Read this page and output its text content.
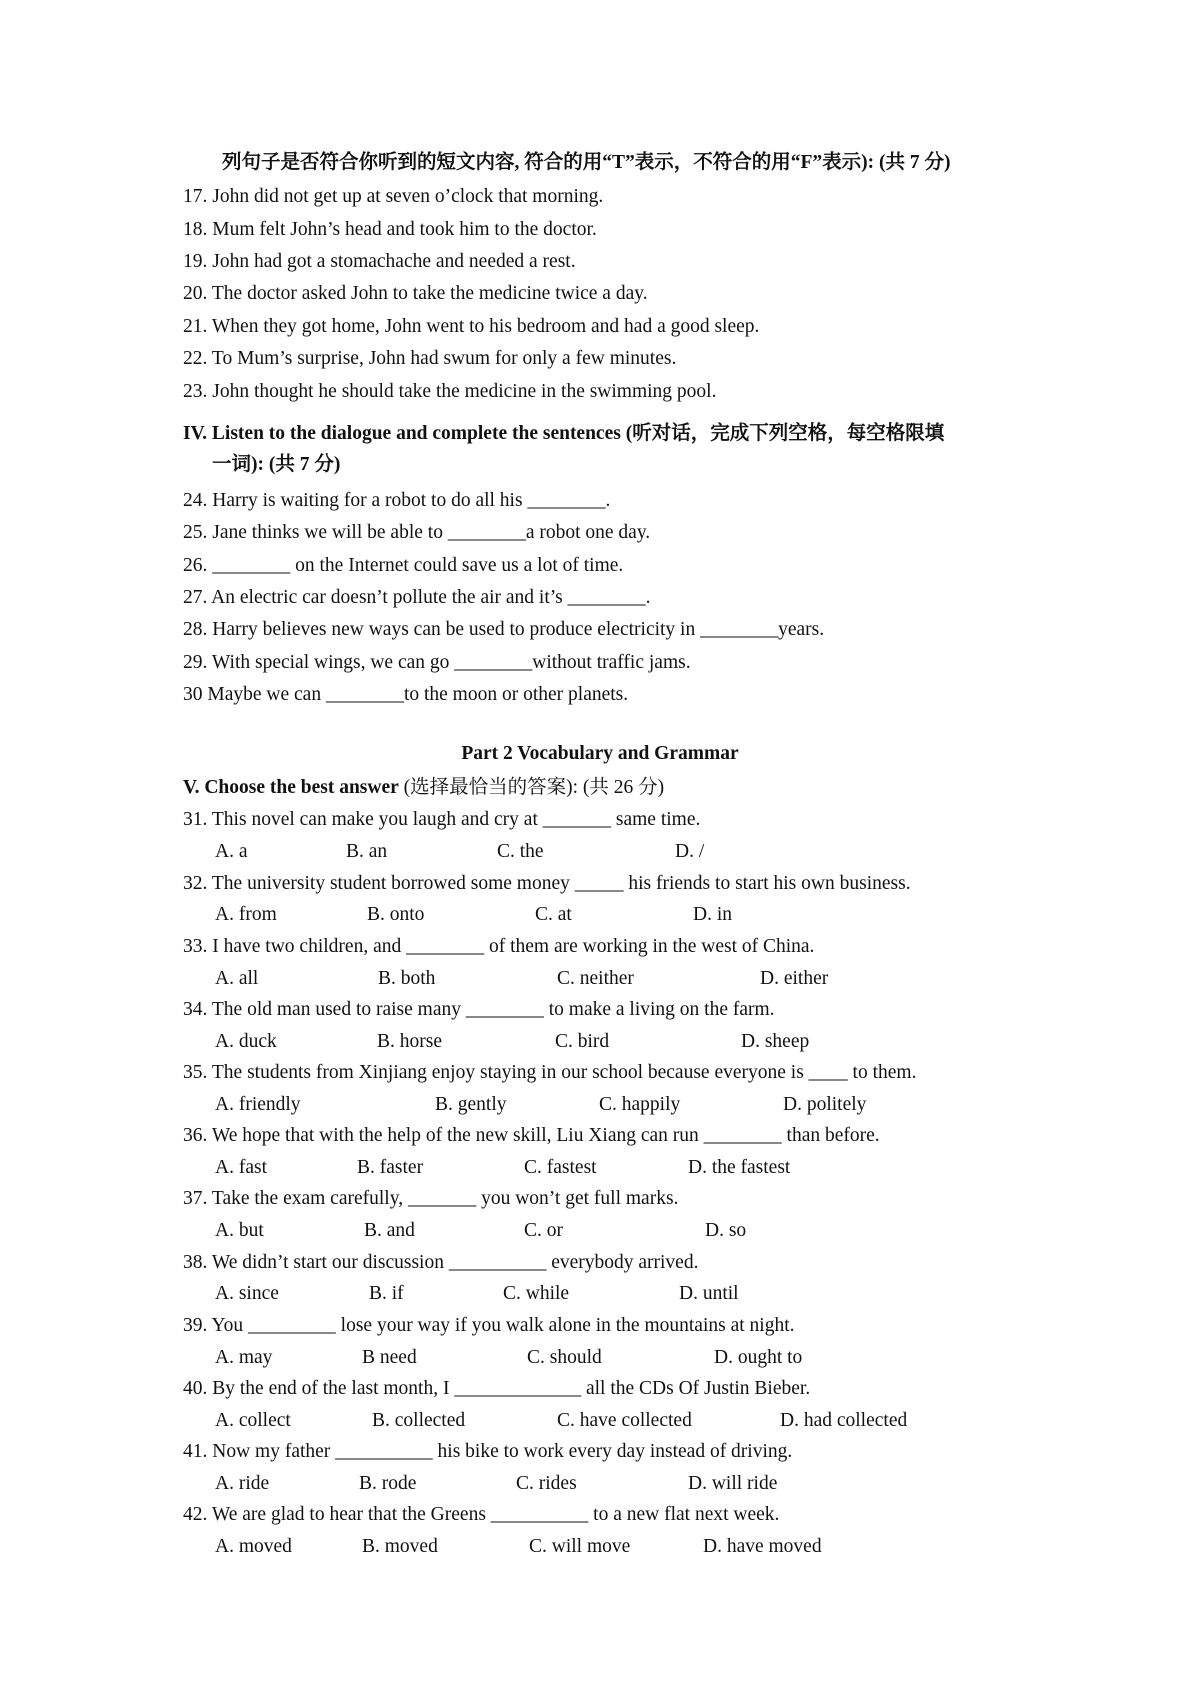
列句子是否符合你听到的短文内容, 符合的用“T”表示，不符合的用“F”表示): (共 7 分)
17. John did not get up at seven o’clock that morning.
18. Mum felt John’s head and took him to the doctor.
19. John had got a stomachache and needed a rest.
20. The doctor asked John to take the medicine twice a day.
21. When they got home, John went to his bedroom and had a good sleep.
22. To Mum’s surprise, John had swum for only a few minutes.
23. John thought he should take the medicine in the swimming pool.
IV. Listen to the dialogue and complete the sentences (听对话，完成下列空格，每空格限填
一词): (共 7 分)
24. Harry is waiting for a robot to do all his ________.
25. Jane thinks we will be able to ________a robot one day.
26. ________ on the Internet could save us a lot of time.
27. An electric car doesn’t pollute the air and it’s ________.
28. Harry believes new ways can be used to produce electricity in ________years.
29. With special wings, we can go ________without traffic jams.
30 Maybe we can ________to the moon or other planets.
Part 2 Vocabulary and Grammar
V. Choose the best answer (选择最恰当的答案): (共 26 分)
31. This novel can make you laugh and cry at _______ same time.
A. a	B. an	C. the	D. /
32. The university student borrowed some money _____ his friends to start his own business.
A. from	B. onto	C. at	D. in
33. I have two children, and ________ of them are working in the west of China.
A. all	B. both	C. neither	D. either
34. The old man used to raise many ________ to make a living on the farm.
A. duck	B. horse	C. bird	D. sheep
35. The students from Xinjiang enjoy staying in our school because everyone is ____ to them.
A. friendly	B. gently	C. happily	D. politely
36. We hope that with the help of the new skill, Liu Xiang can run ________ than before.
A. fast	B. faster	C. fastest	D. the fastest
37. Take the exam carefully, _______ you won’t get full marks.
A. but	B. and	C. or	D. so
38. We didn’t start our discussion __________ everybody arrived.
A. since	B. if	C. while	D. until
39. You _________ lose your way if you walk alone in the mountains at night.
A. may	B need	C. should	D. ought to
40. By the end of the last month, I _____________ all the CDs Of Justin Bieber.
A. collect	B. collected	C. have collected	D. had collected
41. Now my father __________ his bike to work every day instead of driving.
A. ride	B. rode	C. rides	D. will ride
42. We are glad to hear that the Greens __________ to a new flat next week.
A. moved	B. moved	C. will move	D. have moved
